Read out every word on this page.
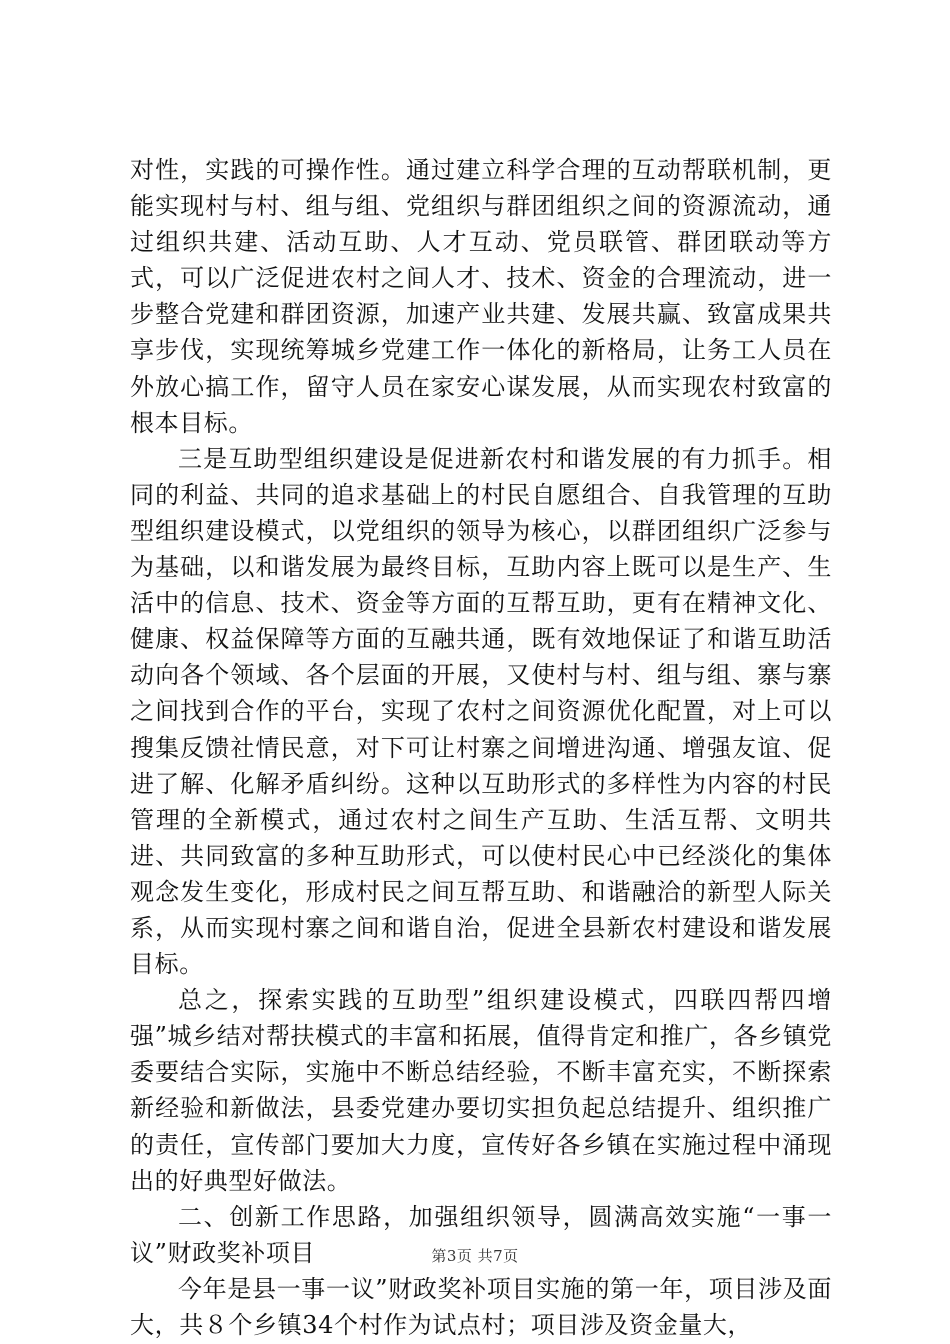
对性，实践的可操作性。通过建立科学合理的互动帮联机制，更能实现村与村、组与组、党组织与群团组织之间的资源流动，通过组织共建、活动互助、人才互动、党员联管、群团联动等方式，可以广泛促进农村之间人才、技术、资金的合理流动，进一步整合党建和群团资源，加速产业共建、发展共赢、致富成果共享步伐，实现统筹城乡党建工作一体化的新格局，让务工人员在外放心搞工作，留守人员在家安心谋发展，从而实现农村致富的根本目标。

三是互助型组织建设是促进新农村和谐发展的有力抓手。相同的利益、共同的追求基础上的村民自愿组合、自我管理的互助型组织建设模式，以党组织的领导为核心，以群团组织广泛参与为基础，以和谐发展为最终目标，互助内容上既可以是生产、生活中的信息、技术、资金等方面的互帮互助，更有在精神文化、健康、权益保障等方面的互融共通，既有效地保证了和谐互助活动向各个领域、各个层面的开展，又使村与村、组与组、寨与寨之间找到合作的平台，实现了农村之间资源优化配置，对上可以搜集反馈社情民意，对下可让村寨之间增进沟通、增强友谊、促进了解、化解矛盾纠纷。这种以互助形式的多样性为内容的村民管理的全新模式，通过农村之间生产互助、生活互帮、文明共进、共同致富的多种互助形式，可以使村民心中已经淡化的集体观念发生变化，形成村民之间互帮互助、和谐融洽的新型人际关系，从而实现村寨之间和谐自治，促进全县新农村建设和谐发展目标。

总之，探索实践的互助型”组织建设模式，四联四帮四增强”城乡结对帮扶模式的丰富和拓展，值得肯定和推广，各乡镇党委要结合实际，实施中不断总结经验，不断丰富充实，不断探索新经验和新做法，县委党建办要切实担负起总结提升、组织推广的责任，宣传部门要加大力度，宣传好各乡镇在实施过程中涌现出的好典型好做法。

二、创新工作思路，加强组织领导，圆满高效实施“一事一议”财政奖补项目

今年是县一事一议”财政奖补项目实施的第一年，项目涉及面大，共８个乡镇34个村作为试点村；项目涉及资金量大，

第3页 共7页
